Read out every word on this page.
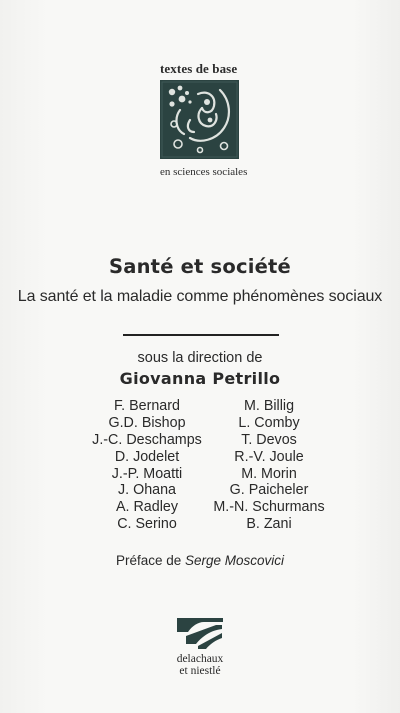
textes de base
en sciences sociales
Santé et société
La santé et la maladie comme phénomènes sociaux
sous la direction de
Giovanna Petrillo
F. Bernard
G.D. Bishop
J.-C. Deschamps
D. Jodelet
J.-P. Moatti
J. Ohana
A. Radley
C. Serino
M. Billig
L. Comby
T. Devos
R.-V. Joule
M. Morin
G. Paicheler
M.-N. Schurmans
B. Zani
Préface de Serge Moscovici
delachaux
et niestlé
